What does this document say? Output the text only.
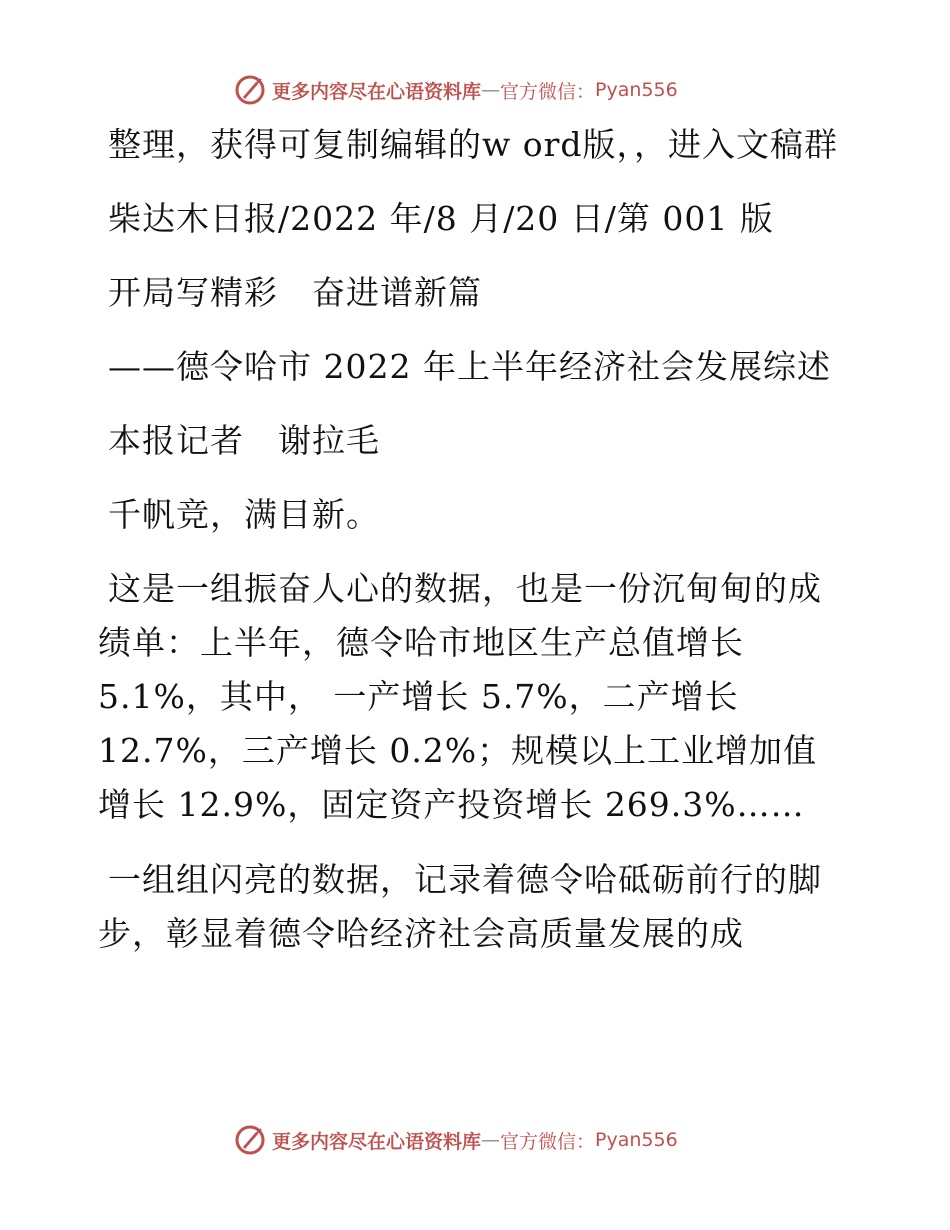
更多内容尽在心语资料库 — 官方微信： Pyan556

整理，获得可复制编辑的w ord版，，进入文稿群

柴达木日报/2022 年/8 月/20 日/第 001 版

开局写精彩　奋进谱新篇

——德令哈市 2022 年上半年经济社会发展综述

本报记者　谢拉毛

千帆竞，满目新。

这是一组振奋人心的数据，也是一份沉甸甸的成绩单：上半年，德令哈市地区生产总值增长 5.1%，其中， 一产增长 5.7%，二产增长 12.7%，三产增长 0.2%；规模以上工业增加值增长 12.9%，固定资产投资增长 269.3%……

一组组闪亮的数据，记录着德令哈砥砺前行的脚步，彰显着德令哈经济社会高质量发展的成

更多内容尽在心语资料库 — 官方微信： Pyan556
